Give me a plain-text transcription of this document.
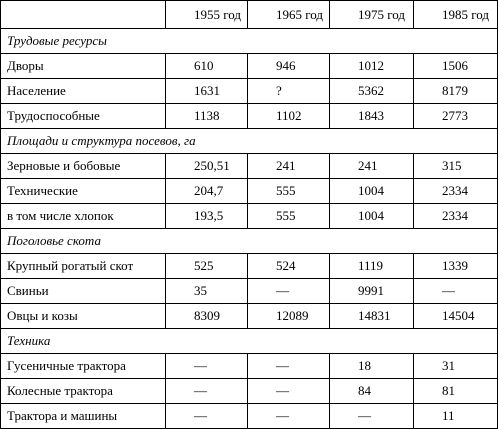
	1955 год	1965 год	1975 год	1985 год
Трудовые ресурсы				
Дворы	610	946	1012	1506
Население	1631	?	5362	8179
Трудоспособные	1138	1102	1843	2773
Площади и структура посевов, га				
Зерновые и бобовые	250,51	241	241	315
Технические	204,7	555	1004	2334
в том числе хлопок	193,5	555	1004	2334
Поголовье скота				
Крупный рогатый скот	525	524	1119	1339
Свиньи	35	—	9991	—
Овцы и козы	8309	12089	14831	14504
Техника				
Гусеничные трактора	—	—	18	31
Колесные трактора	—	—	84	81
Трактора и машины	—	—	—	11
